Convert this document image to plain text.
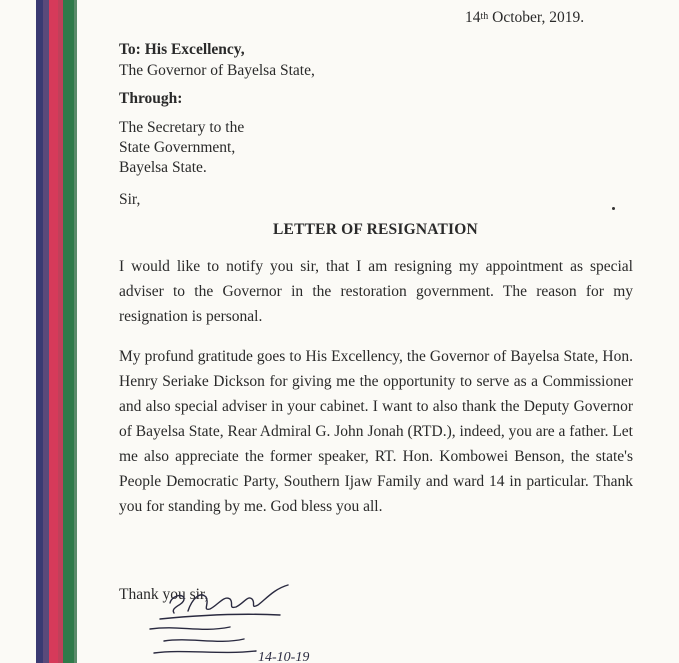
14th October, 2019.
To: His Excellency,
The Governor of Bayelsa State,
Through:
The Secretary to the
State Government,
Bayelsa State.
Sir,
LETTER OF RESIGNATION
I would like to notify you sir, that I am resigning my appointment as special adviser to the Governor in the restoration government. The reason for my resignation is personal.
My profund gratitude goes to His Excellency, the Governor of Bayelsa State, Hon. Henry Seriake Dickson for giving me the opportunity to serve as a Commissioner and also special adviser in your cabinet. I want to also thank the Deputy Governor of Bayelsa State, Rear Admiral G. John Jonah (RTD.), indeed, you are a father. Let me also appreciate the former speaker, RT. Hon. Kombowei Benson, the state's People Democratic Party, Southern Ijaw Family and ward 14 in particular. Thank you for standing by me. God bless you all.
Thank you sir,
14-10-19
